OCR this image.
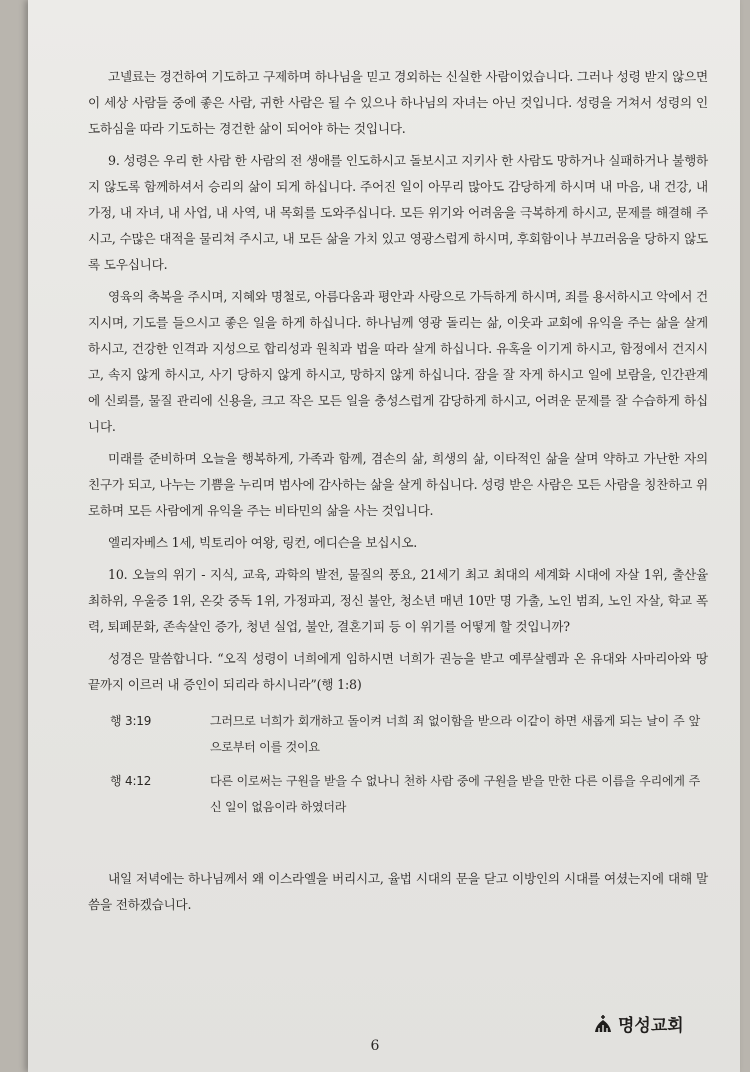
고넬료는 경건하여 기도하고 구제하며 하나님을 믿고 경외하는 신실한 사람이었습니다. 그러나 성령 받지 않으면 이 세상 사람들 중에 좋은 사람, 귀한 사람은 될 수 있으나 하나님의 자녀는 아닌 것입니다. 성령을 거쳐서 성령의 인도하심을 따라 기도하는 경건한 삶이 되어야 하는 것입니다.

9. 성령은 우리 한 사람 한 사람의 전 생애를 인도하시고 돌보시고 지키사 한 사람도 망하거나 실패하거나 불행하지 않도록 함께하셔서 승리의 삶이 되게 하십니다. 주어진 일이 아무리 많아도 감당하게 하시며 내 마음, 내 건강, 내 가정, 내 자녀, 내 사업, 내 사역, 내 목회를 도와주십니다. 모든 위기와 어려움을 극복하게 하시고, 문제를 해결해 주시고, 수많은 대적을 물리쳐 주시고, 내 모든 삶을 가치 있고 영광스럽게 하시며, 후회함이나 부끄러움을 당하지 않도록 도우십니다.

영육의 축복을 주시며, 지혜와 명철로, 아름다움과 평안과 사랑으로 가득하게 하시며, 죄를 용서하시고 악에서 건지시며, 기도를 들으시고 좋은 일을 하게 하십니다. 하나님께 영광 돌리는 삶, 이웃과 교회에 유익을 주는 삶을 살게 하시고, 건강한 인격과 지성으로 합리성과 원칙과 법을 따라 살게 하십니다. 유혹을 이기게 하시고, 함정에서 건지시고, 속지 않게 하시고, 사기 당하지 않게 하시고, 망하지 않게 하십니다. 잠을 잘 자게 하시고 일에 보람을, 인간관계에 신뢰를, 물질 관리에 신용을, 크고 작은 모든 일을 충성스럽게 감당하게 하시고, 어려운 문제를 잘 수습하게 하십니다.

미래를 준비하며 오늘을 행복하게, 가족과 함께, 겸손의 삶, 희생의 삶, 이타적인 삶을 살며 약하고 가난한 자의 친구가 되고, 나누는 기쁨을 누리며 범사에 감사하는 삶을 살게 하십니다. 성령 받은 사람은 모든 사람을 칭찬하고 위로하며 모든 사람에게 유익을 주는 비타민의 삶을 사는 것입니다.

엘리자베스 1세, 빅토리아 여왕, 링컨, 에디슨을 보십시오.

10. 오늘의 위기 - 지식, 교육, 과학의 발전, 물질의 풍요, 21세기 최고 최대의 세계화 시대에 자살 1위, 출산율 최하위, 우울증 1위, 온갖 중독 1위, 가정파괴, 정신 불안, 청소년 매년 10만 명 가출, 노인 범죄, 노인 자살, 학교 폭력, 퇴폐문화, 존속살인 증가, 청년 실업, 불안, 결혼기피 등 이 위기를 어떻게 할 것입니까?

성경은 말씀합니다. “오직 성령이 너희에게 임하시면 너희가 권능을 받고 예루살렘과 온 유대와 사마리아와 땅 끝까지 이르러 내 증인이 되리라 하시니라”(행 1:8)

행 3:19	그러므로 너희가 회개하고 돌이켜 너희 죄 없이함을 받으라 이같이 하면 새롭게 되는 날이 주 앞으로부터 이를 것이요
행 4:12	다른 이로써는 구원을 받을 수 없나니 천하 사람 중에 구원을 받을 만한 다른 이름을 우리에게 주신 일이 없음이라 하였더라

내일 저녁에는 하나님께서 왜 이스라엘을 버리시고, 율법 시대의 문을 닫고 이방인의 시대를 여셨는지에 대해 말씀을 전하겠습니다.

명성교회
6
